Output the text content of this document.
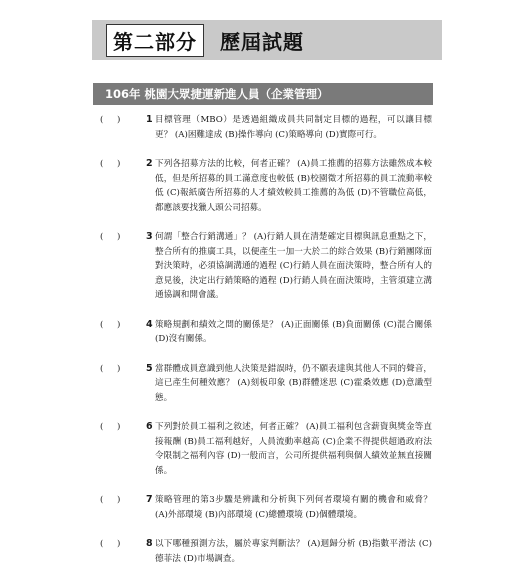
第二部分	歷屆試題
106年 桃園大眾捷運新進人員（企業管理）
(     )	1 目標管理（MBO）是透過組織成員共同制定目標的過程，可以讓目標更？ (A)困難達成 (B)操作導向 (C)策略導向 (D)實際可行。
(     )	2 下列各招募方法的比較，何者正確？ (A)員工推薦的招募方法雖然成本較低，但是所招募的員工滿意度也較低 (B)校園徵才所招募的員工流動率較低 (C)報紙廣告所招募的人才績效較員工推薦的為低 (D)不管職位高低，都應該要找獵人頭公司招募。
(     )	3 何謂「整合行銷溝通」？ (A)行銷人員在清楚確定目標與訊息重點之下，整合所有的推廣工具，以便產生一加一大於二的綜合效果 (B)行銷團隊面對決策時，必須協調溝通的過程 (C)行銷人員在面決策時，整合所有人的意見後，決定出行銷策略的過程 (D)行銷人員在面決策時，主管須建立溝通協調和開會議。
(     )	4 策略規劃和績效之間的關係是？ (A)正面關係 (B)負面關係 (C)混合關係 (D)沒有關係。
(     )	5 當群體成員意識到他人決策是錯誤時，仍不願表達與其他人不同的聲音，這已產生何種效應？ (A)刻板印象 (B)群體迷思 (C)霍桑效應 (D)意識型態。
(     )	6 下列對於員工福利之敘述，何者正確？ (A)員工福利包含薪資與獎金等直接報酬 (B)員工福利越好，人員流動率越高 (C)企業不得提供超過政府法令限制之福利內容 (D)一般而言，公司所提供福利與個人績效並無直接關係。
(     )	7 策略管理的第3步驟是辨識和分析與下列何者環境有關的機會和威脅？ (A)外部環境 (B)內部環境 (C)總體環境 (D)個體環境。
(     )	8 以下哪種預測方法，屬於專家判斷法？ (A)迴歸分析 (B)指數平滑法 (C)德菲法 (D)市場調查。
